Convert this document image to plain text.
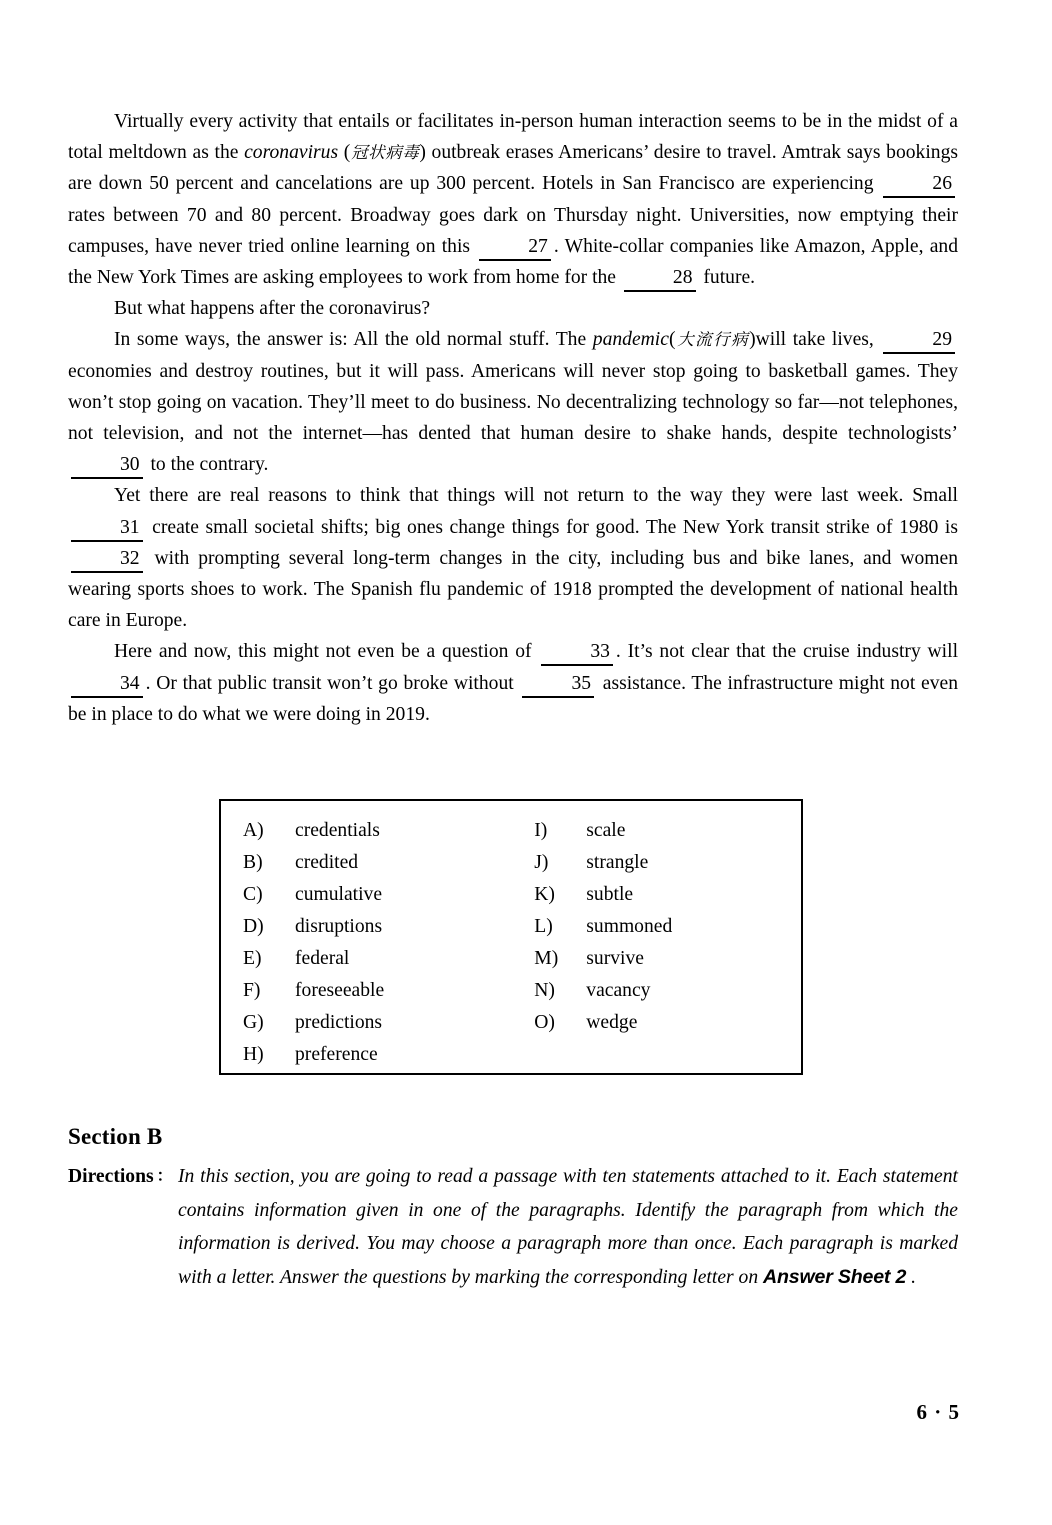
Virtually every activity that entails or facilitates in-person human interaction seems to be in the midst of a total meltdown as the coronavirus (冠状病毒) outbreak erases Americans’ desire to travel. Amtrak says bookings are down 50 percent and cancelations are up 300 percent. Hotels in San Francisco are experiencing	26 rates between 70 and 80 percent. Broadway goes dark on Thursday night. Universities, now emptying their campuses, have never tried online learning on this	27 . White-collar companies like Amazon, Apple, and the New York Times are asking employees to work from home for the	28 future.

But what happens after the coronavirus?

In some ways, the answer is: All the old normal stuff. The pandemic(大流行病)will take lives,	29 economies and destroy routines, but it will pass. Americans will never stop going to basketball games. They won’t stop going on vacation. They’ll meet to do business. No decentralizing technology so far—not telephones, not television, and not the internet—has dented that human desire to shake hands, despite technologists’ 30 to the contrary.

Yet there are real reasons to think that things will not return to the way they were last week. Small 31 create small societal shifts; big ones change things for good. The New York transit strike of 1980 is 32 with prompting several long-term changes in the city, including bus and bike lanes, and women wearing sports shoes to work. The Spanish flu pandemic of 1918 prompted the development of national health care in Europe.

Here and now, this might not even be a question of	33 . It’s not clear that the cruise industry will 34 . Or that public transit won’t go broke without	35 assistance. The infrastructure might not even be in place to do what we were doing in 2019.

A)	credentials
B)	credited
C)	cumulative
D)	disruptions
E)	federal
F)	foreseeable
G)	predictions
H)	preference
I)	scale
J)	strangle
K)	subtle
L)	summoned
M)	survive
N)	vacancy
O)	wedge
Section B
Directions ： In this section, you are going to read a passage with ten statements attached to it. Each statement contains information given in one of the paragraphs. Identify the paragraph from which the information is derived. You may choose a paragraph more than once. Each paragraph is marked with a letter. Answer the questions by marking the corresponding letter on Answer Sheet 2 .
6 · 5
